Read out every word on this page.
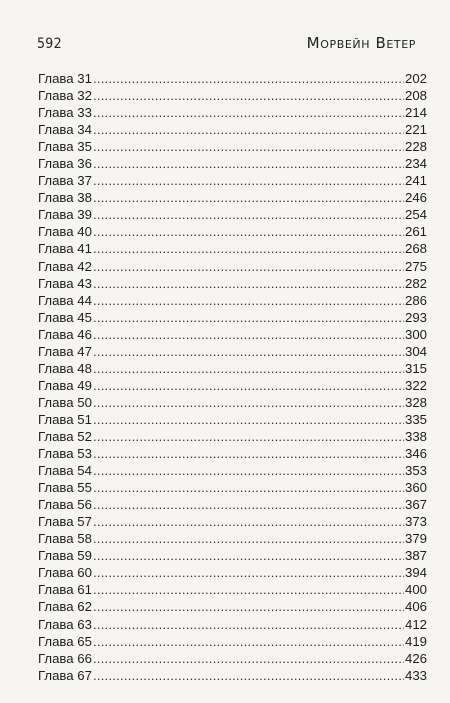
592	Морвейн Ветер
Глава 31 .....	202
Глава 32 .....	208
Глава 33 .....	214
Глава 34 .....	221
Глава 35 .....	228
Глава 36 .....	234
Глава 37 .....	241
Глава 38 .....	246
Глава 39 .....	254
Глава 40 .....	261
Глава 41 .....	268
Глава 42 .....	275
Глава 43 .....	282
Глава 44 .....	286
Глава 45 .....	293
Глава 46 .....	300
Глава 47 .....	304
Глава 48 .....	315
Глава 49 .....	322
Глава 50 .....	328
Глава 51 .....	335
Глава 52 .....	338
Глава 53 .....	346
Глава 54 .....	353
Глава 55 .....	360
Глава 56 .....	367
Глава 57 .....	373
Глава 58 .....	379
Глава 59 .....	387
Глава 60 .....	394
Глава 61 .....	400
Глава 62 .....	406
Глава 63 .....	412
Глава 65 .....	419
Глава 66 .....	426
Глава 67 .....	433
